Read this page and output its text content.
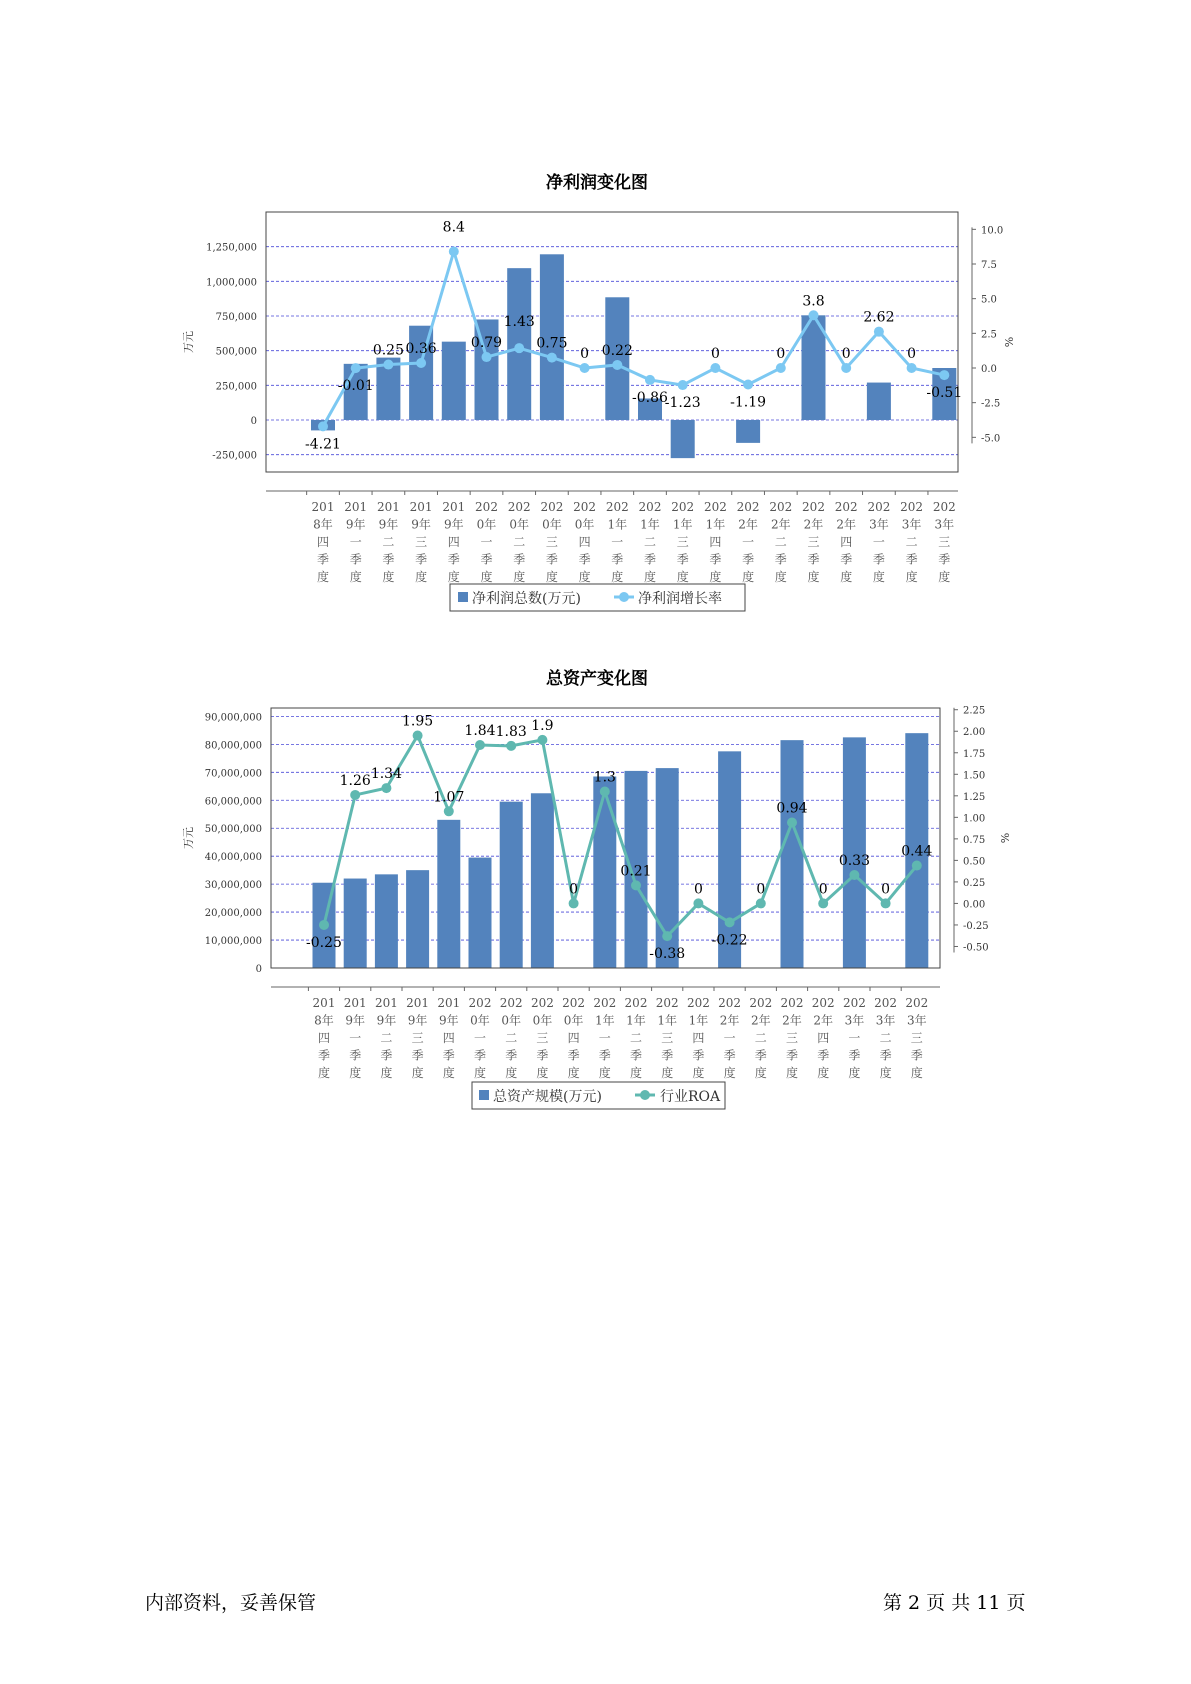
净利润变化图
-4.21
-0.01
0.25 0.36
8.4
0.79
1.43
0.75
0 0.22
-0.86
-1.23
0
-1.19
0
3.8
0
2.62
0
-0.51
-250,000
0
250,000
500,000
750,000
1,000,000
1,250,000
-5.0
-2.5
0.0
2.5
5.0
7.5
10.0
201
8年
四
季
度
201
9年
一
季
度
201
9年
二
季
度
201
9年
三
季
度
201
9年
四
季
度
202
0年
一
季
度
202
0年
二
季
度
202
0年
三
季
度
202
0年
四
季
度
202
1年
一
季
度
202
1年
二
季
度
202
1年
三
季
度
202
1年
四
季
度
202
2年
一
季
度
202
2年
二
季
度
202
2年
三
季
度
202
2年
四
季
度
202
3年
一
季
度
202
3年
二
季
度
202
3年
三
季
度
万元	%
净利润总数(万元)	净利润增长率
总资产变化图
-0.25
1.26 1.34
1.95
1.07
1.84 1.83 1.9
0
1.3
0.21
-0.38
0
-0.22
0
0.94
0
0.33
0
0.44
0
10,000,000
20,000,000
30,000,000
40,000,000
50,000,000
60,000,000
70,000,000
80,000,000
90,000,000
-0.50
-0.25
0.00
0.25
0.50
0.75
1.00
1.25
1.50
1.75
2.00
2.25
201
8年
四
季
度
201
9年
一
季
度
201
9年
二
季
度
201
9年
三
季
度
201
9年
四
季
度
202
0年
一
季
度
202
0年
二
季
度
202
0年
三
季
度
202
0年
四
季
度
202
1年
一
季
度
202
1年
二
季
度
202
1年
三
季
度
202
1年
四
季
度
202
2年
一
季
度
202
2年
二
季
度
202
2年
三
季
度
202
2年
四
季
度
202
3年
一
季
度
202
3年
二
季
度
202
3年
三
季
度
万元	%
总资产规模(万元)	行业ROA
内部资料，妥善保管	第 2 页 共 11 页
